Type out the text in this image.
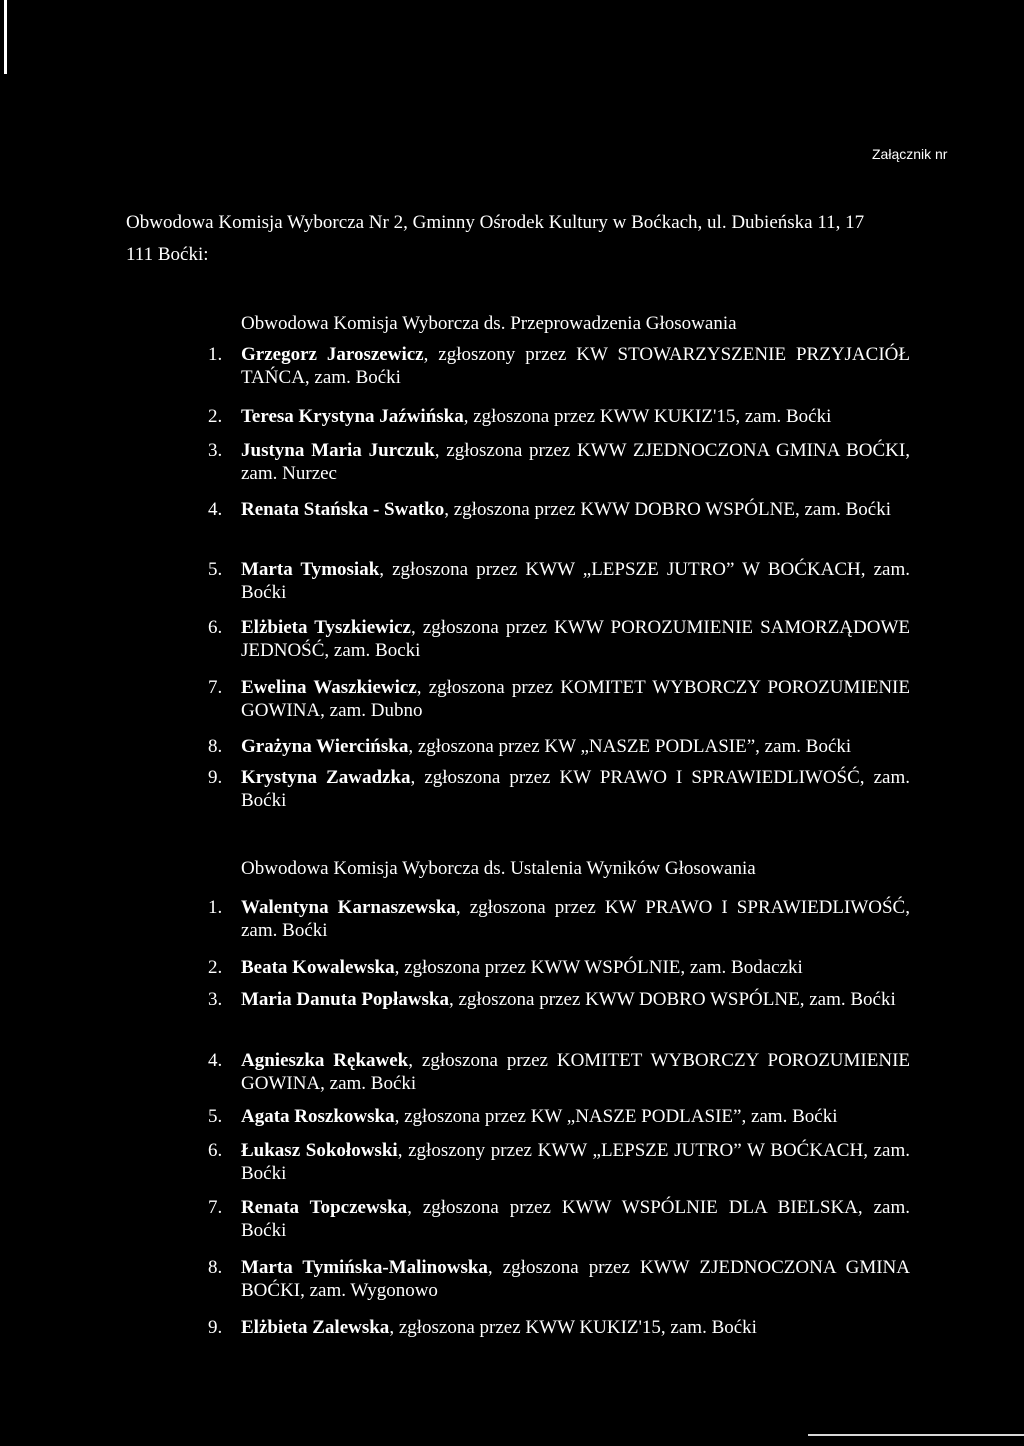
Załącznik nr
Obwodowa Komisja Wyborcza Nr 2, Gminny Ośrodek Kultury w Boćkach, ul. Dubieńska 11, 17
111 Boćki:
Obwodowa Komisja Wyborcza ds. Przeprowadzenia Głosowania
1. Grzegorz Jaroszewicz, zgłoszony przez KW STOWARZYSZENIE PRZYJACIÓŁ TAŃCA, zam. Boćki
2. Teresa Krystyna Jaźwińska, zgłoszona przez KWW KUKIZ'15, zam. Boćki
3. Justyna Maria Jurczuk, zgłoszona przez KWW ZJEDNOCZONA GMINA BOĆKI, zam. Nurzec
4. Renata Stańska - Swatko, zgłoszona przez KWW DOBRO WSPÓLNE, zam. Boćki
5. Marta Tymosiak, zgłoszona przez KWW „LEPSZE JUTRO” W BOĆKACH, zam. Boćki
6. Elżbieta Tyszkiewicz, zgłoszona przez KWW POROZUMIENIE SAMORZĄDOWE JEDNOŚĆ, zam. Bocki
7. Ewelina Waszkiewicz, zgłoszona przez KOMITET WYBORCZY POROZUMIENIE GOWINA, zam. Dubno
8. Grażyna Wiercińska, zgłoszona przez KW „NASZE PODLASIE”, zam. Boćki
9. Krystyna Zawadzka, zgłoszona przez KW PRAWO I SPRAWIEDLIWOŚĆ, zam. Boćki
Obwodowa Komisja Wyborcza ds. Ustalenia Wyników Głosowania
1. Walentyna Karnaszewska, zgłoszona przez KW PRAWO I SPRAWIEDLIWOŚĆ, zam. Boćki
2. Beata Kowalewska, zgłoszona przez KWW WSPÓLNIE, zam. Bodaczki
3. Maria Danuta Popławska, zgłoszona przez KWW DOBRO WSPÓLNE, zam. Boćki
4. Agnieszka Rękawek, zgłoszona przez KOMITET WYBORCZY POROZUMIENIE GOWINA, zam. Boćki
5. Agata Roszkowska, zgłoszona przez KW „NASZE PODLASIE”, zam. Boćki
6. Łukasz Sokołowski, zgłoszony przez KWW „LEPSZE JUTRO” W BOĆKACH, zam. Boćki
7. Renata Topczewska, zgłoszona przez KWW WSPÓLNIE DLA BIELSKA, zam. Boćki
8. Marta Tymińska-Malinowska, zgłoszona przez KWW ZJEDNOCZONA GMINA BOĆKI, zam. Wygonowo
9. Elżbieta Zalewska, zgłoszona przez KWW KUKIZ'15, zam. Boćki
